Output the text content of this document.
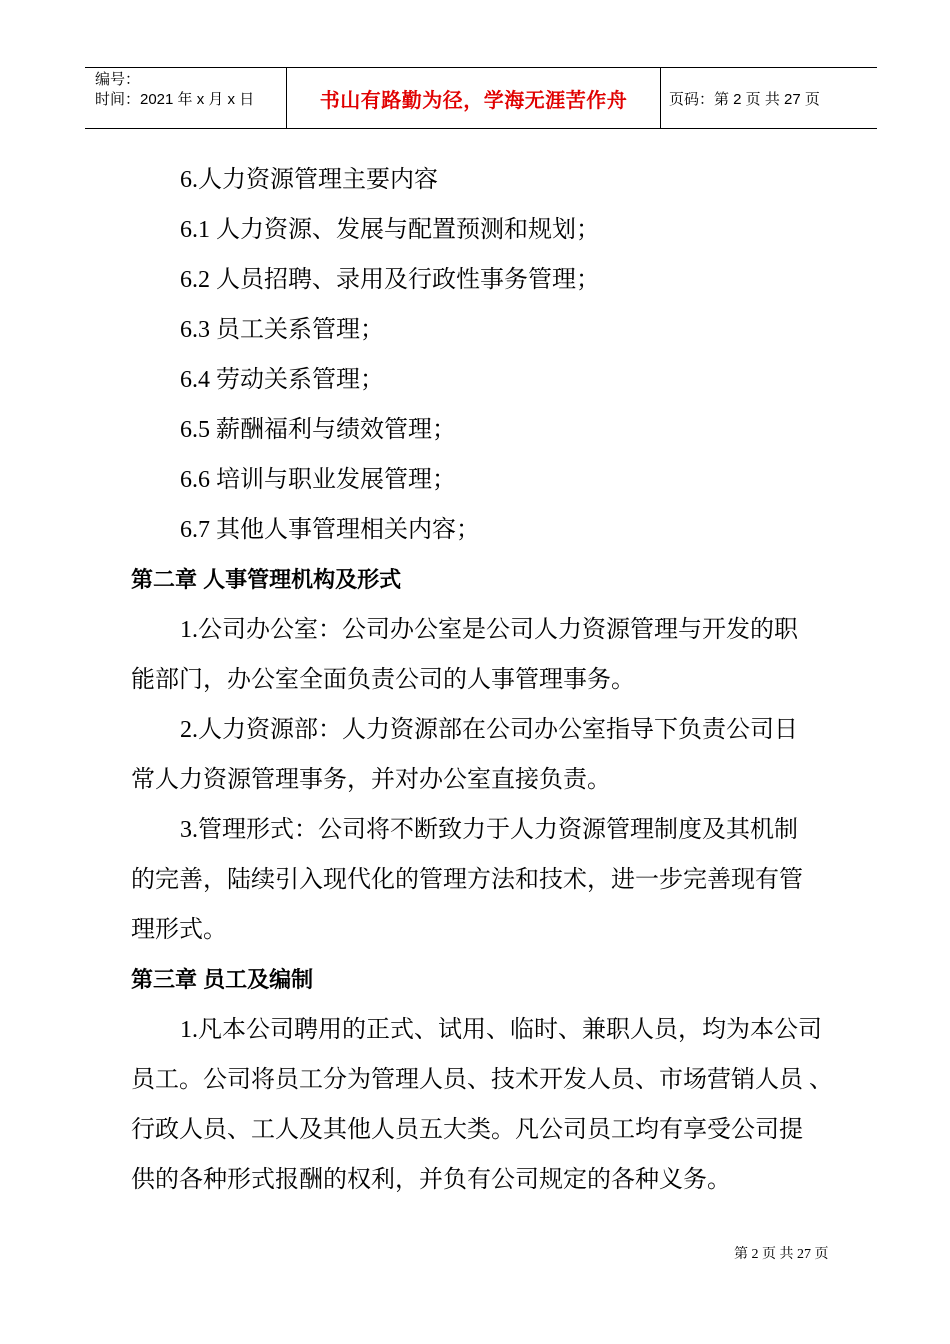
编号：
时间：2021 年 x 月 x 日	书山有路勤为径，学海无涯苦作舟	页码：第 2 页 共 27 页
6.人力资源管理主要内容
6.1 人力资源、发展与配置预测和规划；
6.2 人员招聘、录用及行政性事务管理；
6.3 员工关系管理；
6.4 劳动关系管理；
6.5 薪酬福利与绩效管理；
6.6 培训与职业发展管理；
6.7 其他人事管理相关内容；
第二章 人事管理机构及形式
1.公司办公室：公司办公室是公司人力资源管理与开发的职
能部门，办公室全面负责公司的人事管理事务。
2.人力资源部：人力资源部在公司办公室指导下负责公司日
常人力资源管理事务，并对办公室直接负责。
3.管理形式：公司将不断致力于人力资源管理制度及其机制
的完善，陆续引入现代化的管理方法和技术，进一步完善现有管
理形式。
第三章 员工及编制
1.凡本公司聘用的正式、试用、临时、兼职人员，均为本公司
员工。公司将员工分为管理人员、技术开发人员、市场营销人员 、
行政人员、工人及其他人员五大类。凡公司员工均有享受公司提
供的各种形式报酬的权利，并负有公司规定的各种义务。
第 2 页 共 27 页
